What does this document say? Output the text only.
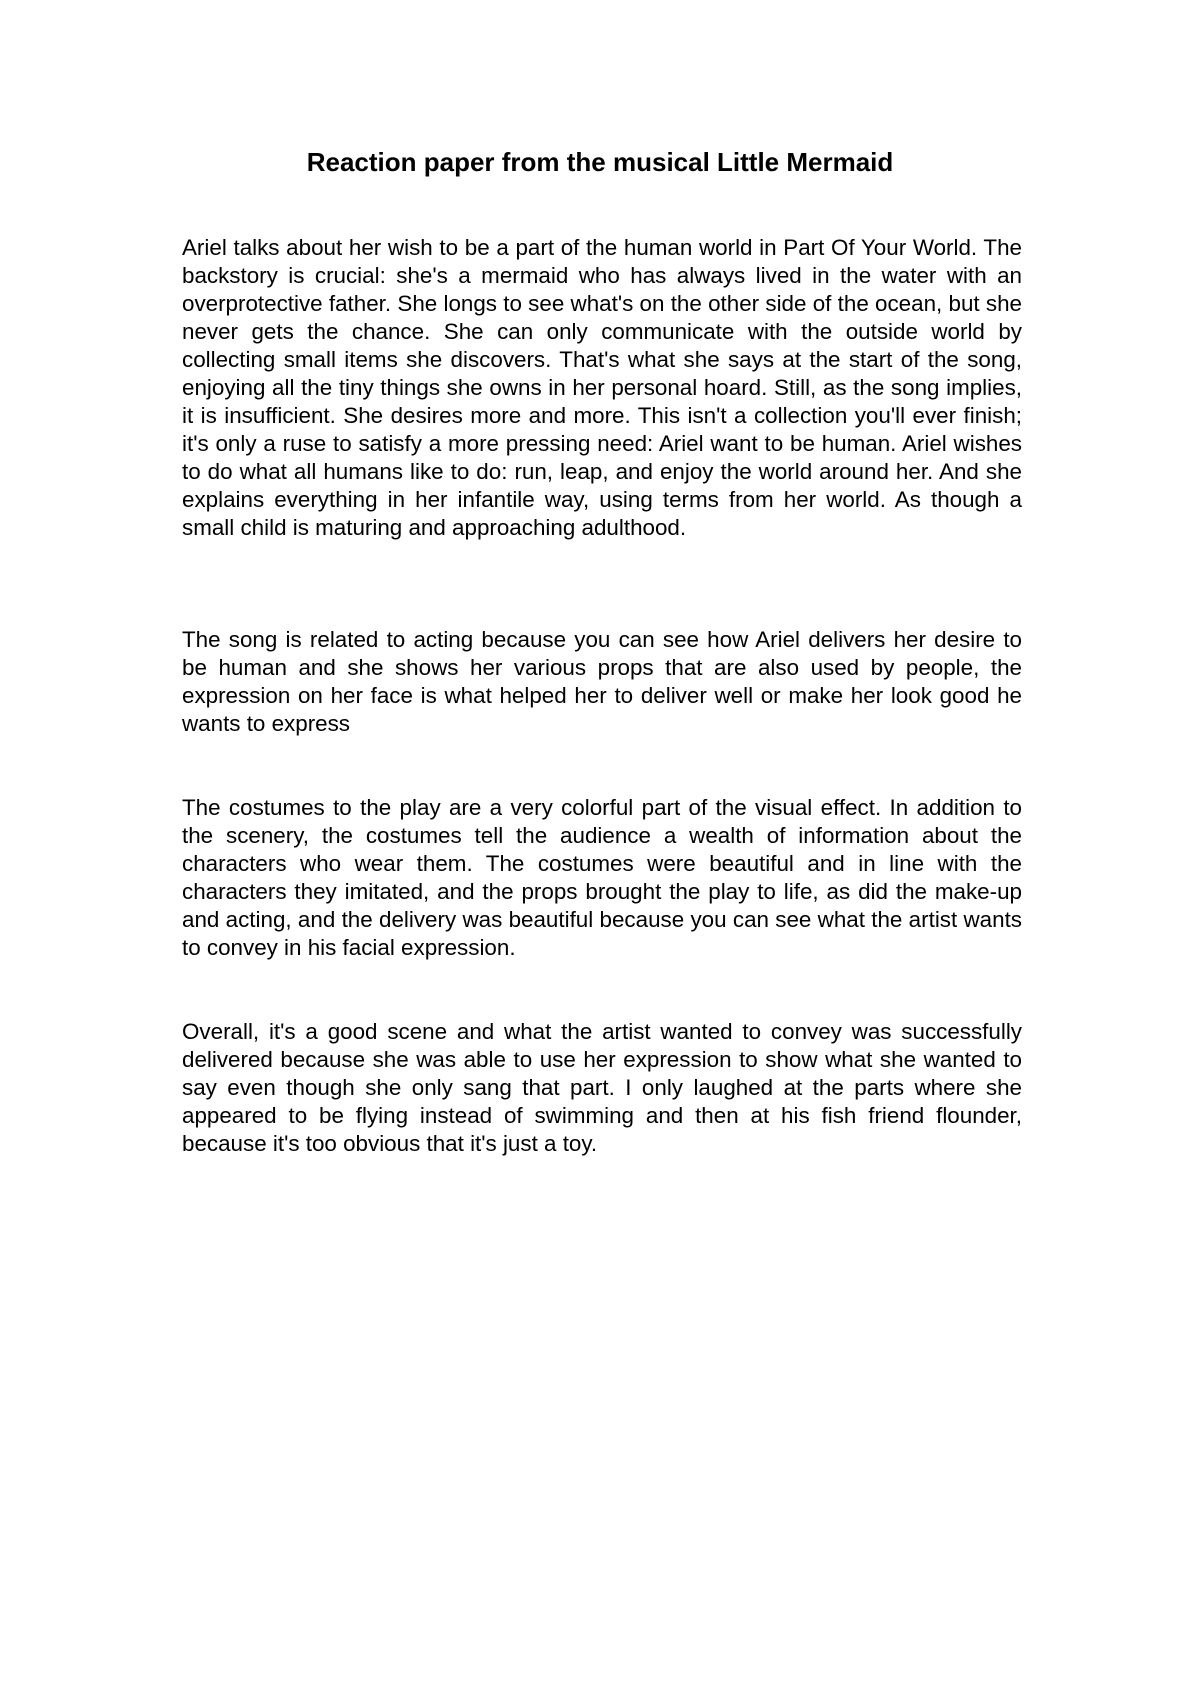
Reaction paper from the musical Little Mermaid

Ariel talks about her wish to be a part of the human world in Part Of Your World. The backstory is crucial: she's a mermaid who has always lived in the water with an overprotective father. She longs to see what's on the other side of the ocean, but she never gets the chance. She can only communicate with the outside world by collecting small items she discovers. That's what she says at the start of the song, enjoying all the tiny things she owns in her personal hoard. Still, as the song implies, it is insufficient. She desires more and more. This isn't a collection you'll ever finish; it's only a ruse to satisfy a more pressing need: Ariel want to be human. Ariel wishes to do what all humans like to do: run, leap, and enjoy the world around her. And she explains everything in her infantile way, using terms from her world. As though a small child is maturing and approaching adulthood.

The song is related to acting because you can see how Ariel delivers her desire to be human and she shows her various props that are also used by people, the expression on her face is what helped her to deliver well or make her look good he wants to express

The costumes to the play are a very colorful part of the visual effect. In addition to the scenery, the costumes tell the audience a wealth of information about the characters who wear them. The costumes were beautiful and in line with the characters they imitated, and the props brought the play to life, as did the make-up and acting, and the delivery was beautiful because you can see what the artist wants to convey in his facial expression.

Overall, it's a good scene and what the artist wanted to convey was successfully delivered because she was able to use her expression to show what she wanted to say even though she only sang that part. I only laughed at the parts where she appeared to be flying instead of swimming and then at his fish friend flounder, because it's too obvious that it's just a toy.
